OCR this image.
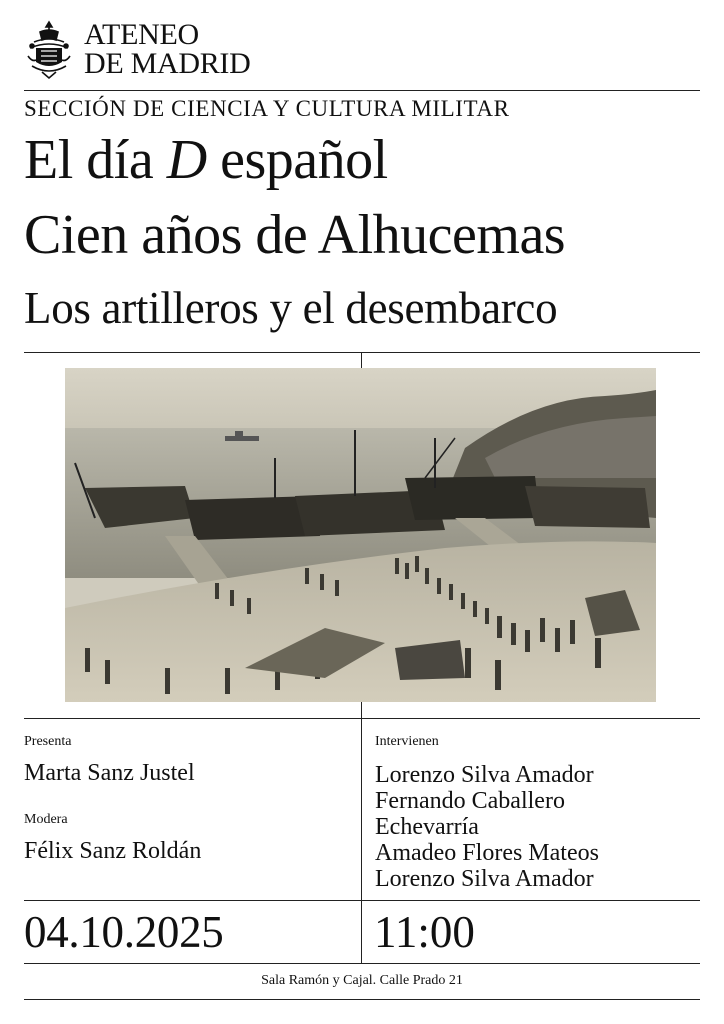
ATENEO
DE MADRID
SECCIÓN DE CIENCIA Y CULTURA MILITAR
El día D español
Cien años de Alhucemas
Los artilleros y el desembarco
Presenta
Marta Sanz Justel
Modera
Félix Sanz Roldán
Intervienen
Lorenzo Silva Amador
Fernando Caballero
Echevarría
Amadeo Flores Mateos
Lorenzo Silva Amador
04.10.2025	11:00
Sala Ramón y Cajal. Calle Prado 21
